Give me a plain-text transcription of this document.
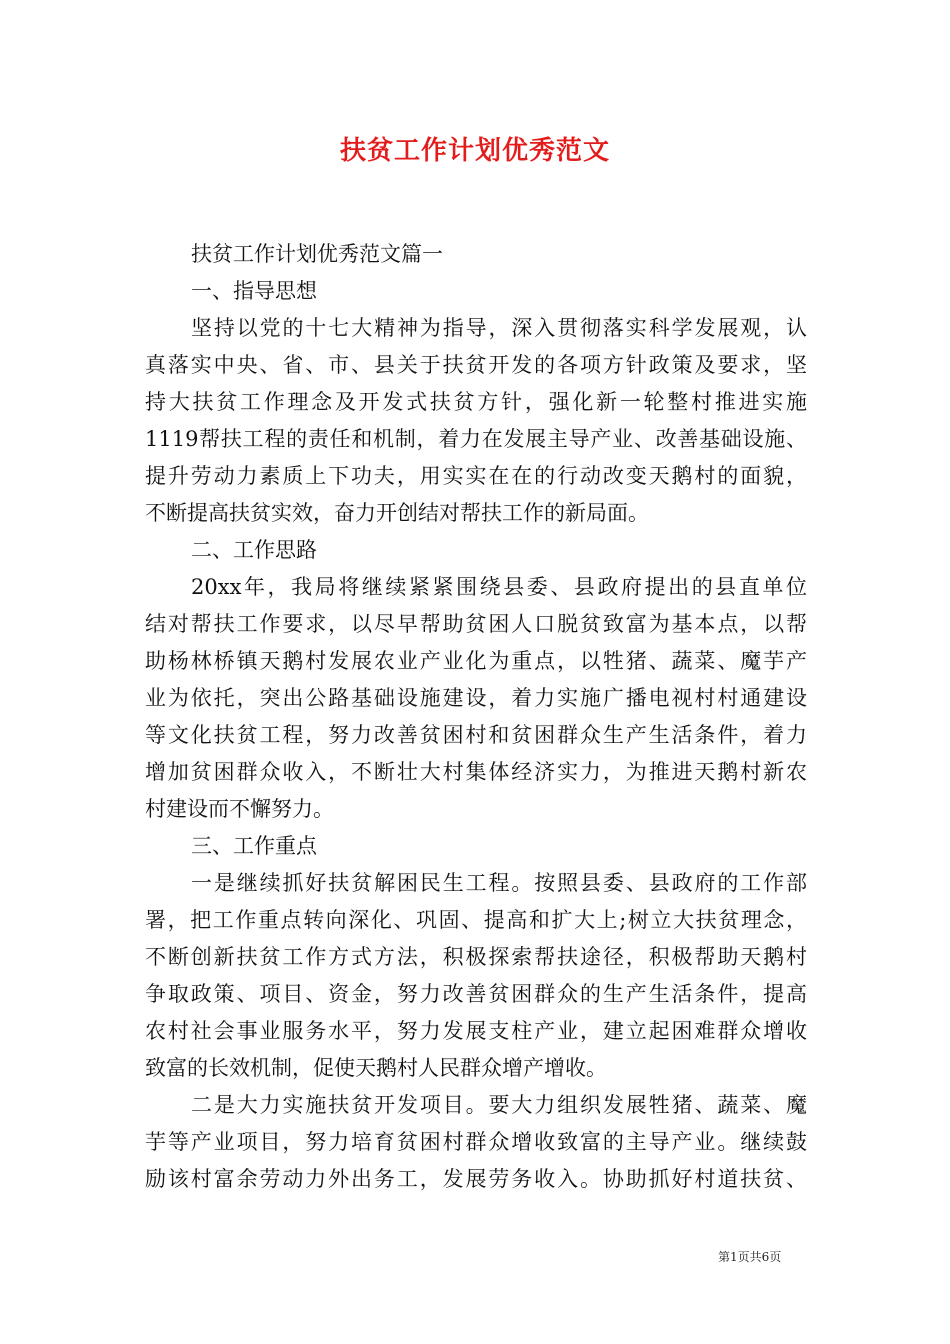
扶贫工作计划优秀范文
扶贫工作计划优秀范文篇一
一、指导思想
坚持以党的十七大精神为指导，深入贯彻落实科学发展观，认
真落实中央、省、市、县关于扶贫开发的各项方针政策及要求，坚
持大扶贫工作理念及开发式扶贫方针，强化新一轮整村推进实施
1119帮扶工程的责任和机制，着力在发展主导产业、改善基础设施、
提升劳动力素质上下功夫，用实实在在的行动改变天鹅村的面貌，
不断提高扶贫实效，奋力开创结对帮扶工作的新局面。
二、工作思路
20xx年，我局将继续紧紧围绕县委、县政府提出的县直单位
结对帮扶工作要求，以尽早帮助贫困人口脱贫致富为基本点，以帮
助杨林桥镇天鹅村发展农业产业化为重点，以牲猪、蔬菜、魔芋产
业为依托，突出公路基础设施建设，着力实施广播电视村村通建设
等文化扶贫工程，努力改善贫困村和贫困群众生产生活条件，着力
增加贫困群众收入，不断壮大村集体经济实力，为推进天鹅村新农
村建设而不懈努力。
三、工作重点
一是继续抓好扶贫解困民生工程。按照县委、县政府的工作部
署，把工作重点转向深化、巩固、提高和扩大上;树立大扶贫理念，
不断创新扶贫工作方式方法，积极探索帮扶途径，积极帮助天鹅村
争取政策、项目、资金，努力改善贫困群众的生产生活条件，提高
农村社会事业服务水平，努力发展支柱产业，建立起困难群众增收
致富的长效机制，促使天鹅村人民群众增产增收。
二是大力实施扶贫开发项目。要大力组织发展牲猪、蔬菜、魔
芋等产业项目，努力培育贫困村群众增收致富的主导产业。继续鼓
励该村富余劳动力外出务工，发展劳务收入。协助抓好村道扶贫、
第1页共6页
